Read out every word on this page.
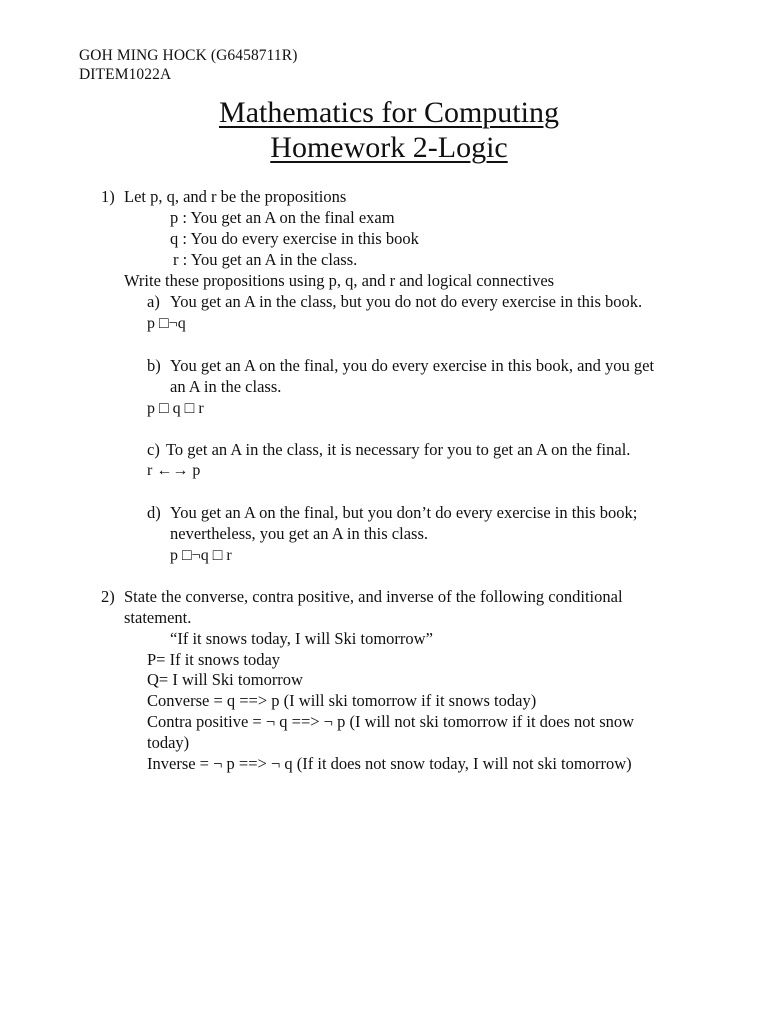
GOH MING HOCK (G6458711R)
DITEM1022A
Mathematics for Computing
Homework 2-Logic
1) Let p, q, and r be the propositions
p : You get an A on the final exam
q : You do every exercise in this book
r : You get an A in the class.
Write these propositions using p, q, and r and logical connectives
a) You get an A in the class, but you do not do every exercise in this book.
p □¬q
b) You get an A on the final, you do every exercise in this book, and you get
an A in the class.
p □ q □ r
c) To get an A in the class, it is necessary for you to get an A on the final.
r ←→ p
d) You get an A on the final, but you don’t do every exercise in this book;
nevertheless, you get an A in this class.
p □¬q □ r
2) State the converse, contra positive, and inverse of the following conditional
statement.
“If it snows today, I will Ski tomorrow”
P= If it snows today
Q= I will Ski tomorrow
Converse = q ==> p (I will ski tomorrow if it snows today)
Contra positive = ¬ q ==> ¬ p (I will not ski tomorrow if it does not snow
today)
Inverse = ¬ p ==> ¬ q (If it does not snow today, I will not ski tomorrow)
